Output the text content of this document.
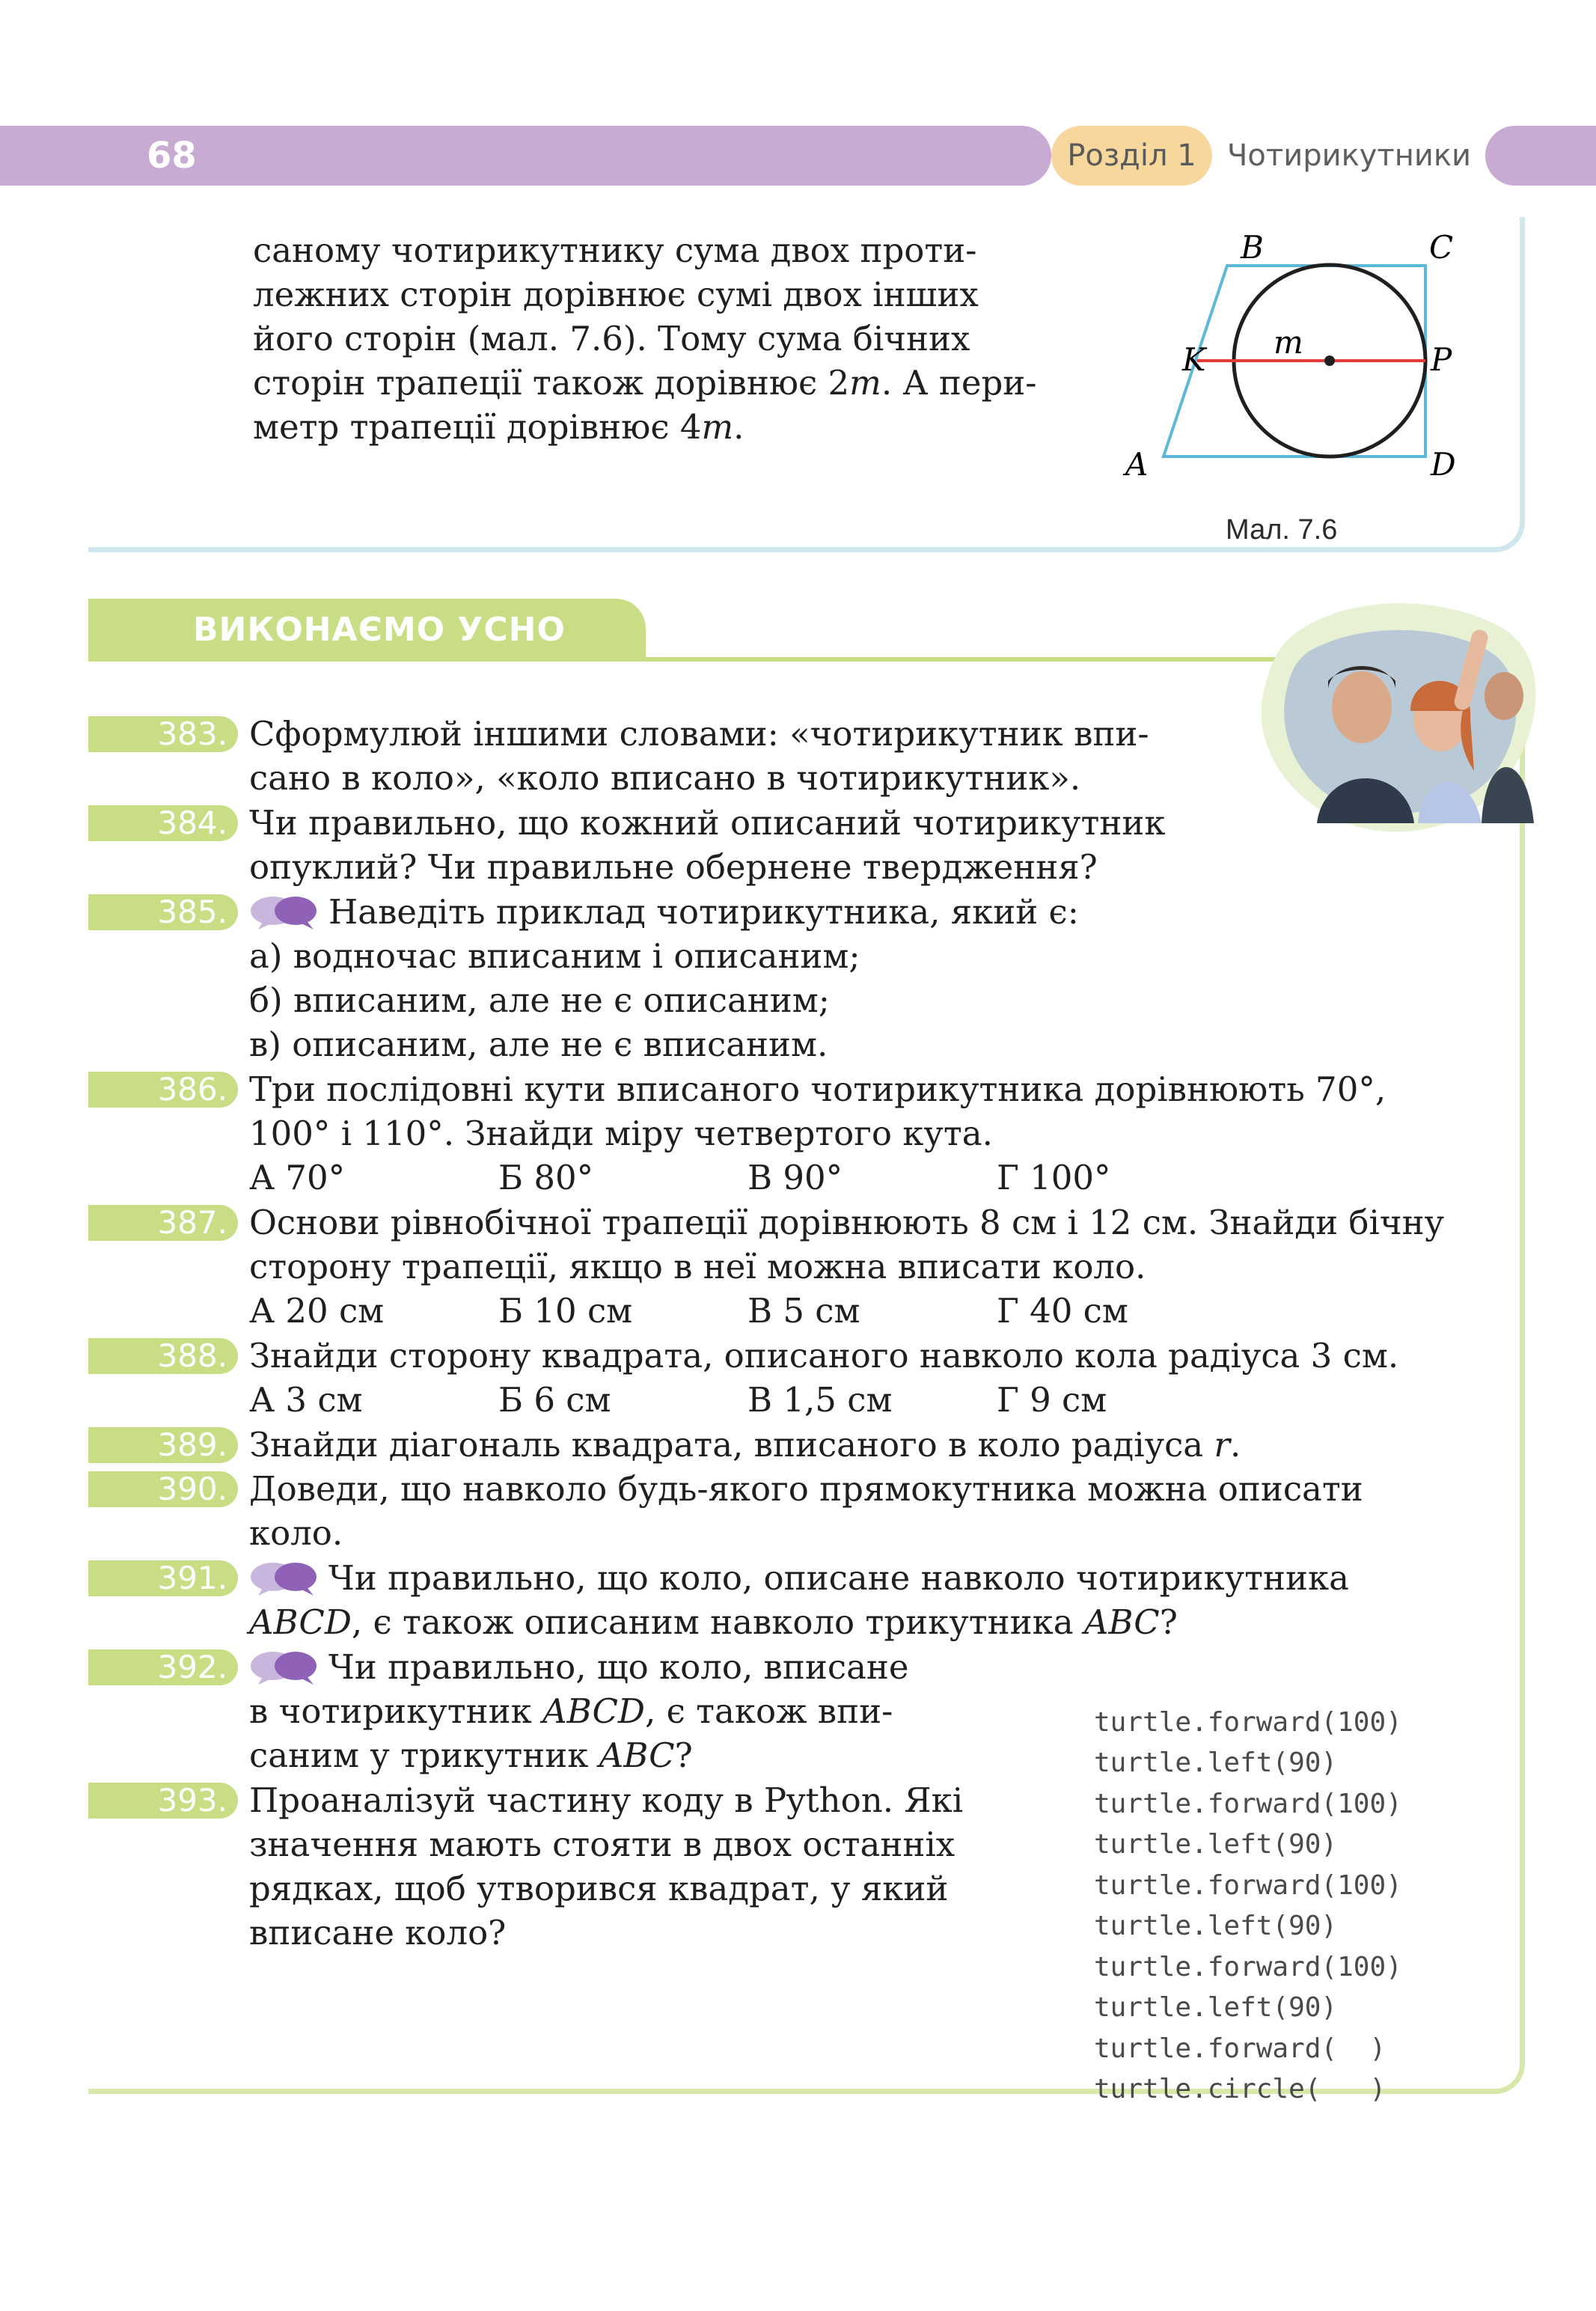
68	Розділ 1	Чотирикутники

саному чотирикутнику сума двох проти-

лежних сторін дорівнює сумі двох інших

його сторін (мал. 7.6). Тому сума бічних

сторін трапеції також дорівнює 2m. А пери-

метр трапеції дорівнює 4m.

B	C
K m	P
A	D
Мал. 7.6
ВИКОНАЄМО УСНО
383. Сформулюй іншими словами: «чотирикутник впи-

сано в коло», «коло вписано в чотирикутник».

384. Чи правильно, що кожний описаний чотирикутник

опуклий? Чи правильне обернене твердження?

385.	Наведіть приклад чотирикутника, який є:

а) водночас вписаним і описаним;

б) вписаним, але не є описаним;

в) описаним, але не є вписаним.

386. Три послідовні кути вписаного чотирикутника дорівнюють 70°,

100° і 110°. Знайди міру четвертого кута.

А 70°	Б 80°	В 90°	Г 100°

387. Основи рівнобічної трапеції дорівнюють 8 см і 12 см. Знайди бічну

сторону трапеції, якщо в неї можна вписати коло.

А 20 см	Б 10 см	В 5 см	Г 40 см

388. Знайди сторону квадрата, описаного навколо кола радіуса 3 см.

А 3 см	Б 6 см	В 1,5 см	Г 9 см

389. Знайди діагональ квадрата, вписаного в коло радіуса r.

390. Доведи, що навколо будь-якого прямокутника можна описати

коло.

391.	Чи правильно, що коло, описане навколо чотирикутника

ABCD, є також описаним навколо трикутника ABC?

392.	Чи правильно, що коло, вписане

в чотирикутник ABCD, є також впи-

саним у трикутник ABC?

393. Проаналізуй частину коду в Python. Які

значення мають стояти в двох останніх

рядках, щоб утворився квадрат, у який

вписане коло?

turtle.forward(100)
turtle.left(90)
turtle.forward(100)
turtle.left(90)
turtle.forward(100)
turtle.left(90)
turtle.forward(100)
turtle.left(90)
turtle.forward(  )
turtle.circle(   )
